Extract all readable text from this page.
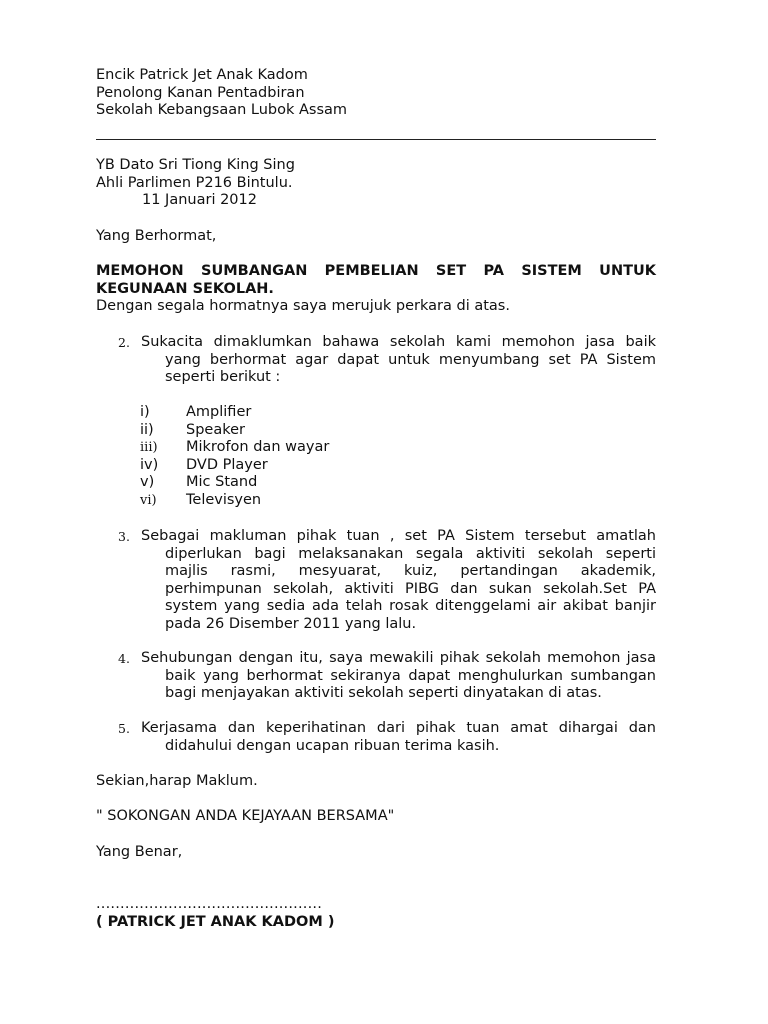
Encik Patrick Jet Anak Kadom
Penolong Kanan Pentadbiran
Sekolah Kebangsaan Lubok Assam
YB Dato Sri Tiong King Sing
Ahli Parlimen P216 Bintulu.
11 Januari 2012
Yang Berhormat,
MEMOHON SUMBANGAN PEMBELIAN SET PA SISTEM UNTUK
KEGUNAAN SEKOLAH.
Dengan segala hormatnya saya merujuk perkara di atas.
2. Sukacita dimaklumkan bahawa sekolah kami memohon jasa baik
yang berhormat agar dapat untuk menyumbang set PA Sistem
seperti berikut :
i)	Amplifier
ii)	Speaker
iii)	Mikrofon dan wayar
iv)	DVD Player
v)	Mic Stand
vi)	Televisyen
3. Sebagai makluman pihak tuan , set PA Sistem tersebut amatlah
diperlukan bagi melaksanakan segala aktiviti sekolah seperti
majlis rasmi, mesyuarat, kuiz, pertandingan akademik,
perhimpunan sekolah, aktiviti PIBG dan sukan sekolah.Set PA
system yang sedia ada telah rosak ditenggelami air akibat banjir
pada 26 Disember 2011 yang lalu.
4. Sehubungan dengan itu, saya mewakili pihak sekolah memohon jasa
baik yang berhormat sekiranya dapat menghulurkan sumbangan
bagi menjayakan aktiviti sekolah seperti dinyatakan di atas.
5. Kerjasama dan keperihatinan dari pihak tuan amat dihargai dan
didahului dengan ucapan ribuan terima kasih.
Sekian,harap Maklum.
" SOKONGAN ANDA KEJAYAAN BERSAMA"
Yang Benar,
...............................................
( PATRICK JET ANAK KADOM )
